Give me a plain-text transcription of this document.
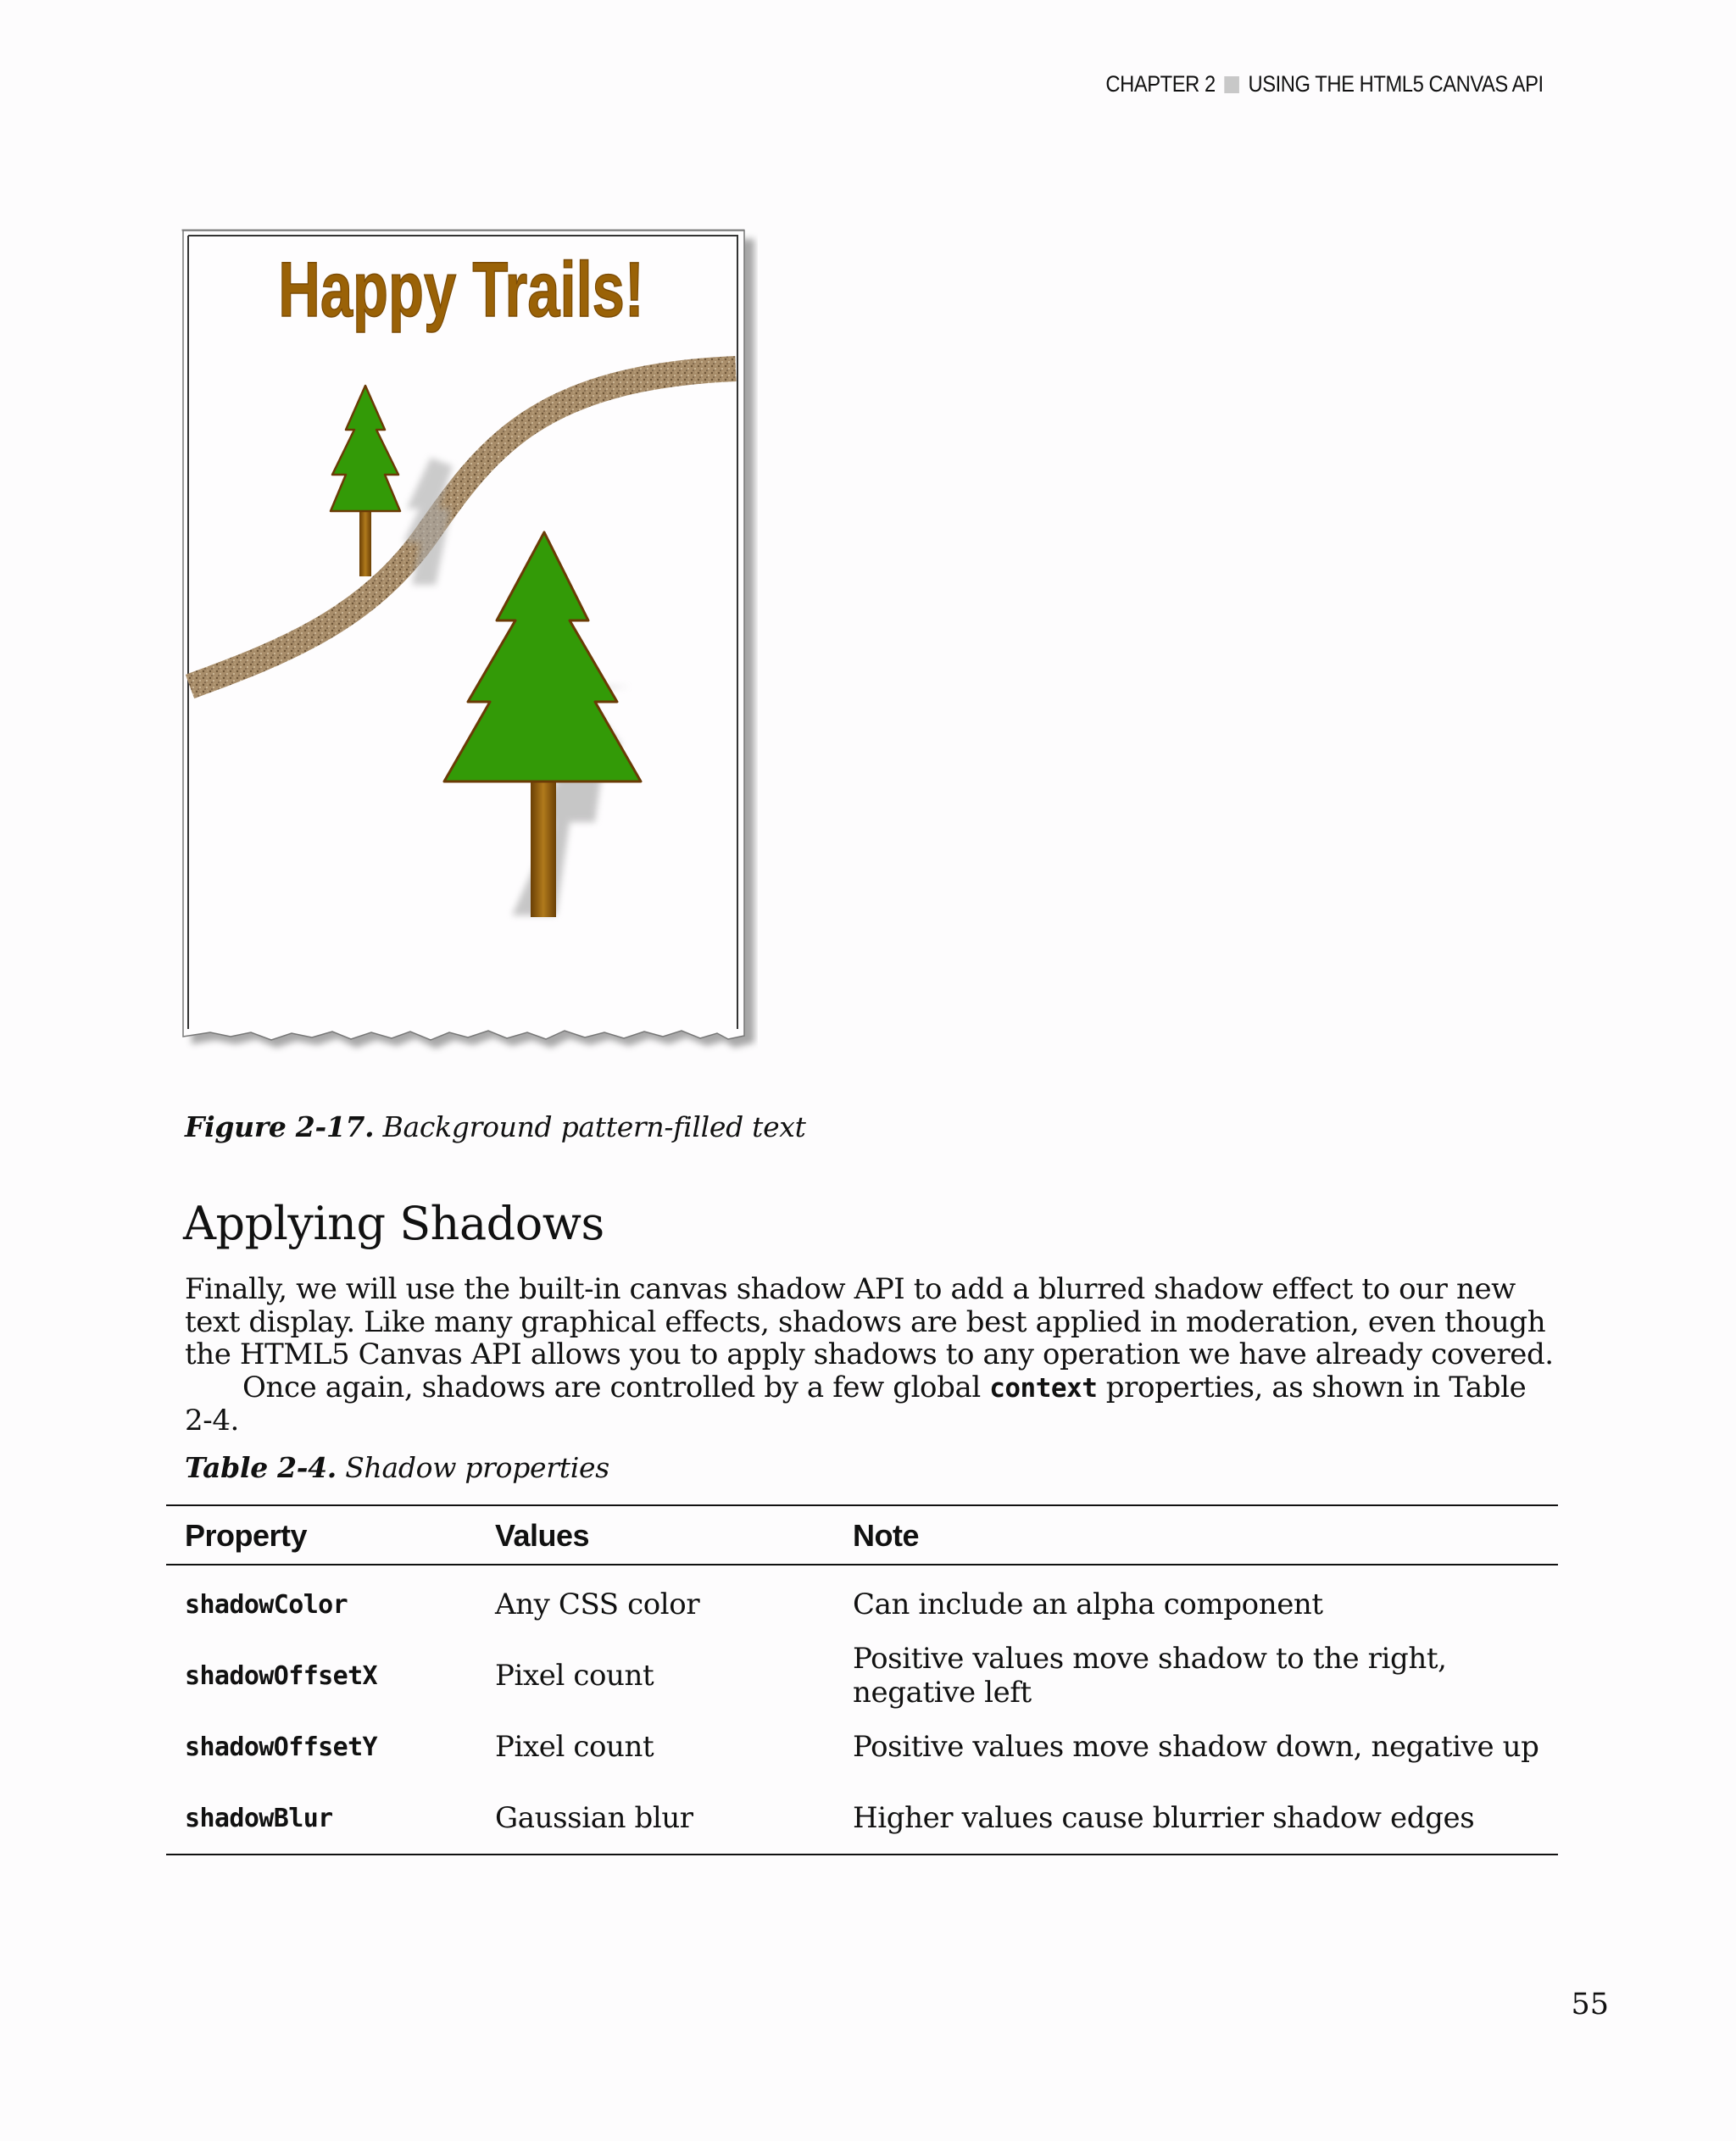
CHAPTER 2 USING THE HTML5 CANVAS API
Happy Trails!
Figure 2-17. Background pattern-filled text
Applying Shadows

Finally, we will use the built-in canvas shadow API to add a blurred shadow effect to our new text display. Like many graphical effects, shadows are best applied in moderation, even though the HTML5 Canvas API allows you to apply shadows to any operation we have already covered.

Once again, shadows are controlled by a few global context properties, as shown in Table 2-4.

Table 2-4. Shadow properties
Property	Values	Note
shadowColor	Any CSS color	Can include an alpha component
shadowOffsetX	Pixel count	Positive values move shadow to the right, negative left
shadowOffsetY	Pixel count	Positive values move shadow down, negative up
shadowBlur	Gaussian blur	Higher values cause blurrier shadow edges
55
